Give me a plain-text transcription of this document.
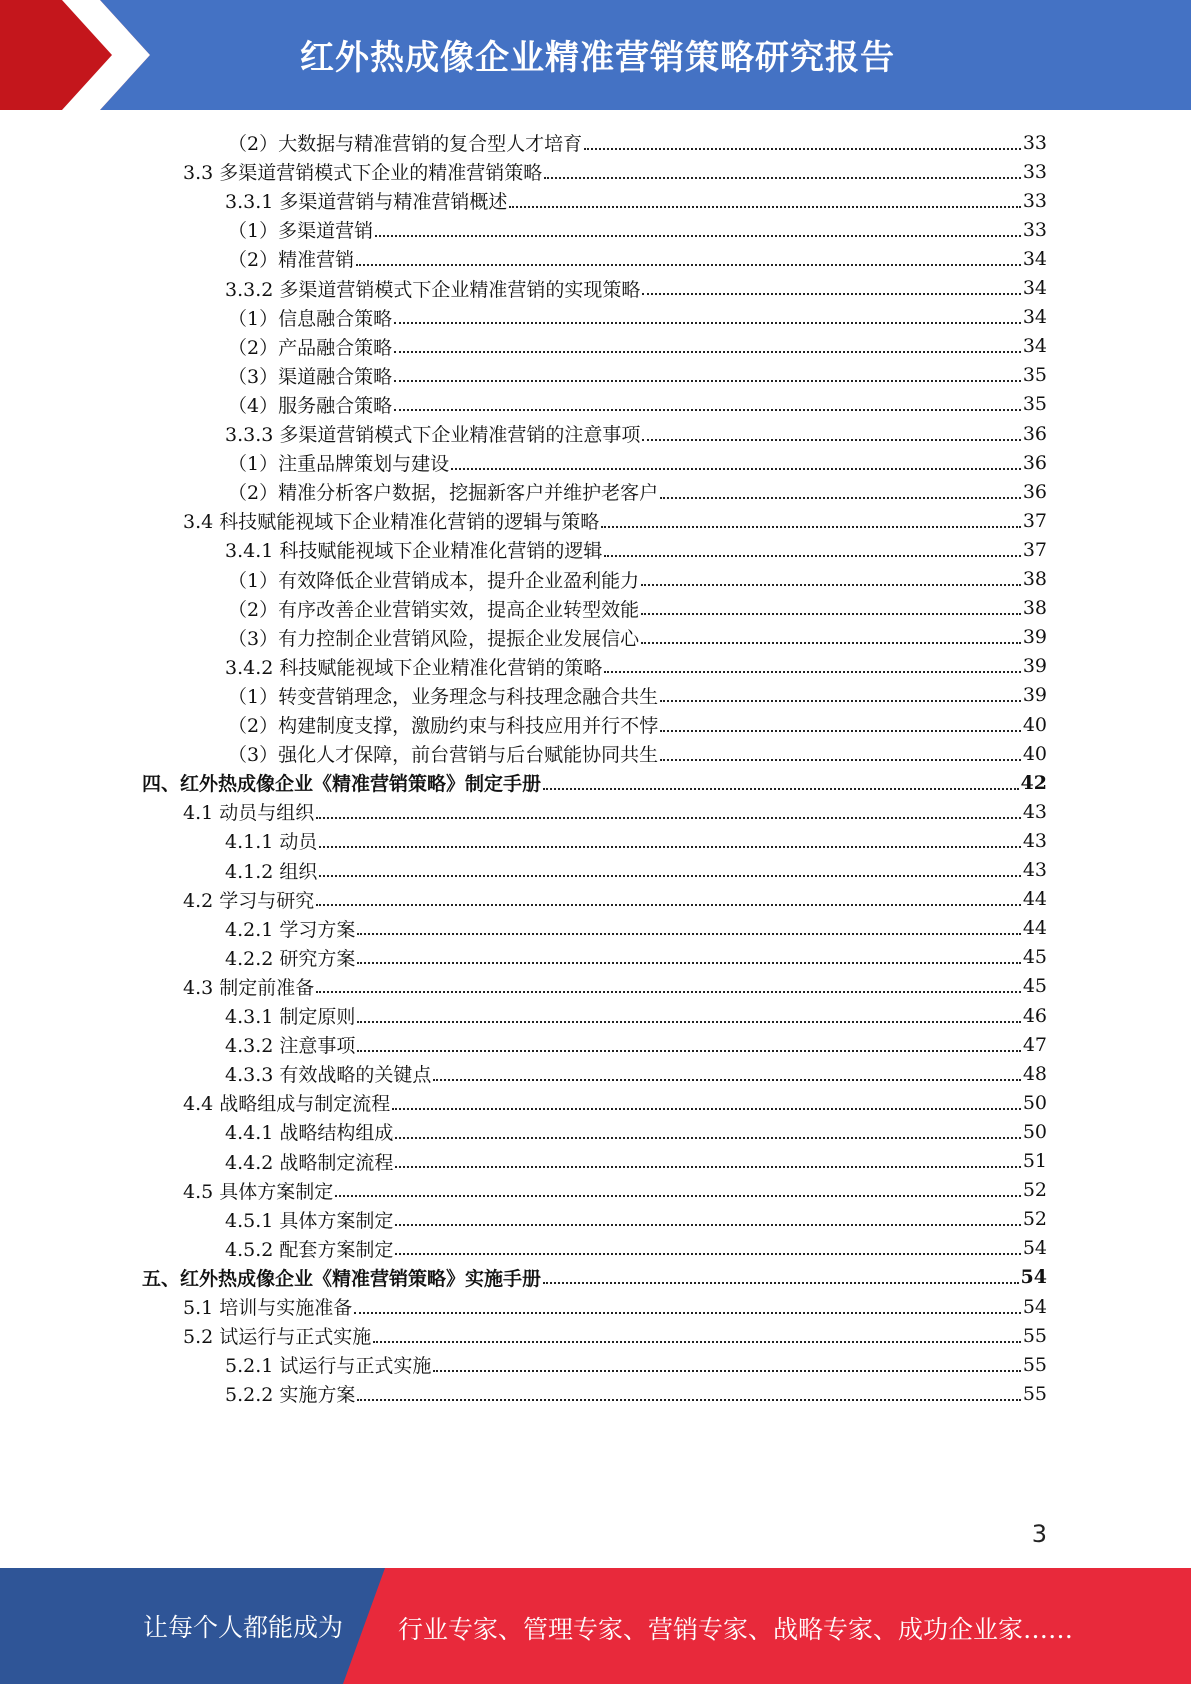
红外热成像企业精准营销策略研究报告
（2）大数据与精准营销的复合型人才培育	33
3.3 多渠道营销模式下企业的精准营销策略	33
3.3.1 多渠道营销与精准营销概述	33
（1）多渠道营销	33
（2）精准营销	34
3.3.2 多渠道营销模式下企业精准营销的实现策略	34
（1）信息融合策略	34
（2）产品融合策略	34
（3）渠道融合策略	35
（4）服务融合策略	35
3.3.3 多渠道营销模式下企业精准营销的注意事项	36
（1）注重品牌策划与建设	36
（2）精准分析客户数据，挖掘新客户并维护老客户	36
3.4 科技赋能视域下企业精准化营销的逻辑与策略	37
3.4.1 科技赋能视域下企业精准化营销的逻辑	37
（1）有效降低企业营销成本，提升企业盈利能力	38
（2）有序改善企业营销实效，提高企业转型效能	38
（3）有力控制企业营销风险，提振企业发展信心	39
3.4.2 科技赋能视域下企业精准化营销的策略	39
（1）转变营销理念，业务理念与科技理念融合共生	39
（2）构建制度支撑，激励约束与科技应用并行不悖	40
（3）强化人才保障，前台营销与后台赋能协同共生	40
四、红外热成像企业《精准营销策略》制定手册	42
4.1 动员与组织	43
4.1.1 动员	43
4.1.2 组织	43
4.2 学习与研究	44
4.2.1 学习方案	44
4.2.2 研究方案	45
4.3 制定前准备	45
4.3.1 制定原则	46
4.3.2 注意事项	47
4.3.3 有效战略的关键点	48
4.4 战略组成与制定流程	50
4.4.1 战略结构组成	50
4.4.2 战略制定流程	51
4.5 具体方案制定	52
4.5.1 具体方案制定	52
4.5.2 配套方案制定	54
五、红外热成像企业《精准营销策略》实施手册	54
5.1 培训与实施准备	54
5.2 试运行与正式实施	55
5.2.1 试运行与正式实施	55
5.2.2 实施方案	55
3
让每个人都能成为 行业专家、管理专家、营销专家、战略专家、成功企业家……
